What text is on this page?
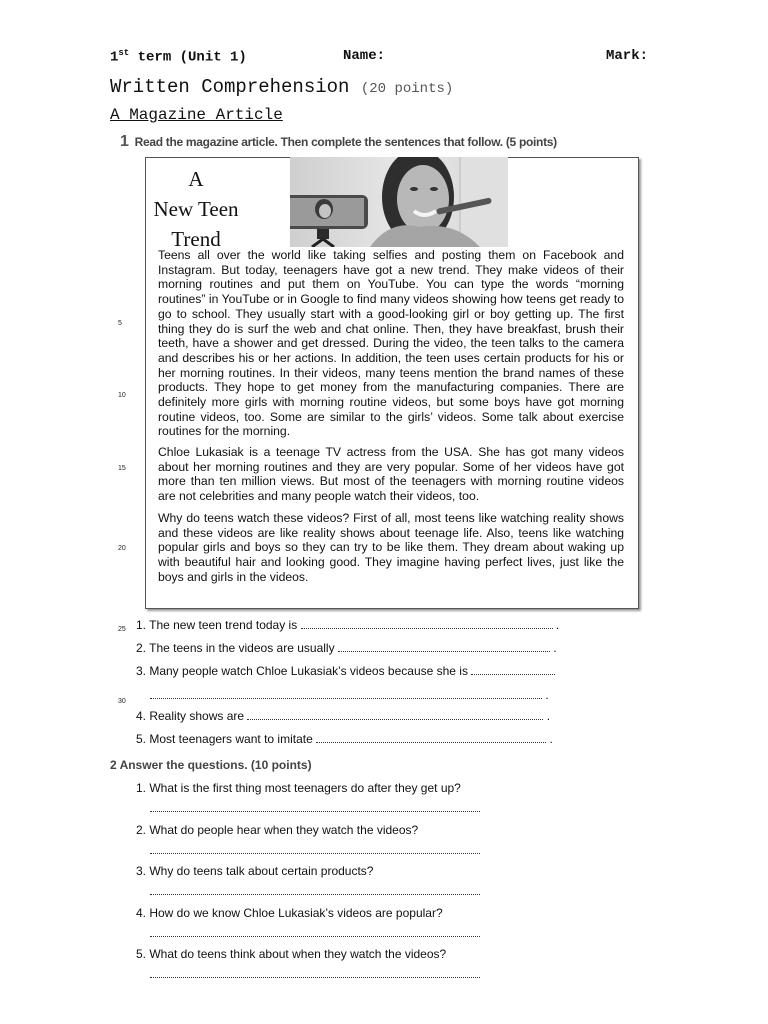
1st term (Unit 1)	Name:	Mark:
Written Comprehension (20 points)
A Magazine Article
1 Read the magazine article. Then complete the sentences that follow. (5 points)
A
New Teen
Trend
Teens all over the world like taking selfies and posting them on Facebook and Instagram. But today, teenagers have got a new trend. They make videos of their morning routines and put them on YouTube. You can type the words “morning routines” in YouTube or in Google to find many videos showing how teens get ready to go to school. They usually start with a good-looking girl or boy getting up. The first thing they do is surf the web and chat online. Then, they have breakfast, brush their teeth, have a shower and get dressed. During the video, the teen talks to the camera and describes his or her actions. In addition, the teen uses certain products for his or her morning routines. In their videos, many teens mention the brand names of these products. They hope to get money from the manufacturing companies. There are definitely more girls with morning routine videos, but some boys have got morning routine videos, too. Some are similar to the girls’ videos. Some talk about exercise routines for the morning.
Chloe Lukasiak is a teenage TV actress from the USA. She has got many videos about her morning routines and they are very popular. Some of her videos have got more than ten million views. But most of the teenagers with morning routine videos are not celebrities and many people watch their videos, too.
Why do teens watch these videos? First of all, most teens like watching reality shows and these videos are like reality shows about teenage life. Also, teens like watching popular girls and boys so they can try to be like them. They dream about waking up with beautiful hair and looking good. They imagine having perfect lives, just like the boys and girls in the videos.
5
10
15
20
25
30
1. The new teen trend today is	.
2. The teens in the videos are usually	.
3. Many people watch Chloe Lukasiak’s videos because she is
.
4. Reality shows are	.
5. Most teenagers want to imitate	.
2 Answer the questions. (10 points)
1. What is the first thing most teenagers do after they get up?
2. What do people hear when they watch the videos?
3. Why do teens talk about certain products?
4. How do we know Chloe Lukasiak’s videos are popular?
5. What do teens think about when they watch the videos?
